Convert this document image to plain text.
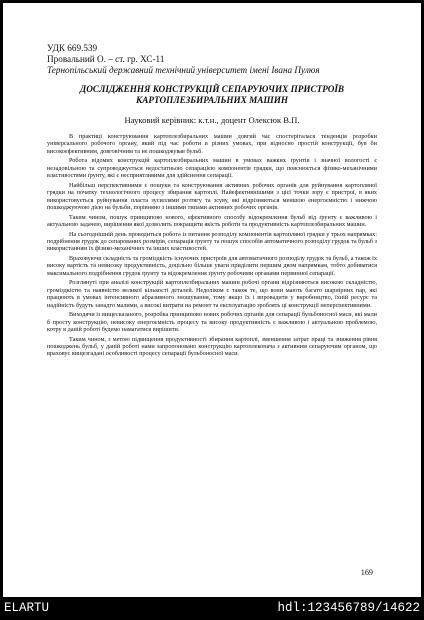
УДК 669.539
Провальний О. – ст. гр. ХС-11
Тернопільський державний технічний університет імені Івана Пулюя
ДОСЛІДЖЕННЯ КОНСТРУКЦІЙ СЕПАРУЮЧИХ ПРИСТРОЇВ
КАРТОПЛЕЗБИРАЛЬНИХ МАШИН
Науковий керівник: к.т.н., доцент Олексюк В.П.

В практиці конструювання картоплезбиральних машин довгий час спостерігалася тенденція розробки універсального робочого органу, який під час роботи в різних умовах, при відносно простій конструкції, був би високоефективним, довговічним та не пошкоджував бульб.

Робота відомих конструкцій картоплезбиральних машин в умовах важких ґрунтів і значної вологості є незадовільною та супроводжується недостатньою сепарацією компонентів грядки, що пояснюється фізико-механічними властивостями ґрунту, які є несприятливими для здійснення сепарації.

Найбільш перспективними є пошуки та конструювання активних робочих органів для руйнування картопляної грядки на початку технологічного процесу збирання картоплі. Найефективнішими з цієї точки зору є пристрої, в яких використовується руйнування пласта зусиллями розтягу та зсуву, які відрізняються меншою енергоємністю і нижчою пошкоджуючою дією на бульби, порівняно з іншими типами активних робочих органів.

Таким чином, пошук принципово нового, ефективного способу відокремлення бульб від ґрунту є важливою і актуальною задачею, вирішення якої дозволить покращити якість роботи та продуктивність картоплезбиральних машин.

На сьогоднішній день проводиться робота із питання розподілу компонентів картопляної грядки у трьох напрямках: подрібнення грудок до сепарованих розмірів, сепарація ґрунту та пошук способів автоматичного розподілу грудок та бульб з використанням їх фізико-механічних та інших властивостей.

Враховуючи складність та громіздкість існуючих пристроїв для автоматичного розподілу грудок та бульб, а також їх високу вартість та невисоку продуктивність, доцільно більше уваги приділити першим двом напрямкам, тобто добиватися максимального подрібнення грудок ґрунту та відокремлення ґрунту робочими органами первинної сепарації.

Розглянуті при аналізі конструкцій картоплезбиральних машин робочі органи відрізняються високою складністю, громіздкістю та наявністю великої кількості деталей. Недоліком є також те, що вони мають багато шарнірних пар, які працюють в умовах інтенсивного абразивного зношування, тому якщо їх і впровадити у виробництво, їхній ресурс та надійність будуть занадто малими, а високі витрати на ремонт та експлуатацію зроблять ці конструкції неперспективними.

Виходячи із вищесказаного, розробка принципово нових робочих органів для сепарації бульбоносної маси, які мали б просту конструкцію, невисоку енергоємність процесу та високу продуктивність є важливою і актуальною проблемою, котру в даній роботі будемо намагатися вирішити.

Таким чином, з метою підвищення продуктивності збирання картоплі, зменшення затрат праці та зниження рівня пошкоджень бульб, у даній роботі нами запропоновано конструкцію картоплекопача з активним сепаруючим органом, що враховує вищезгадані особливості процесу сепарації бульбоносної маси.

169
ELARTU	hdl:123456789/14622
